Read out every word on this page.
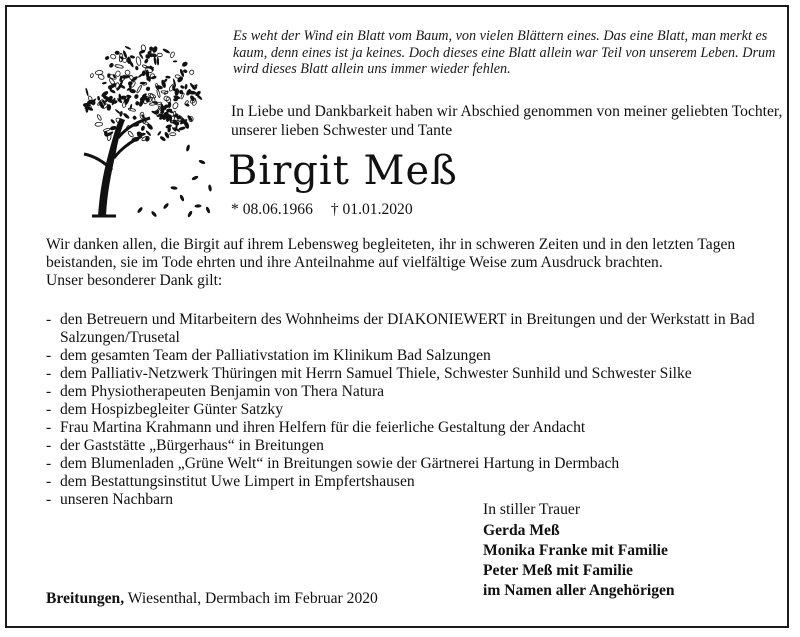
Es weht der Wind ein Blatt vom Baum, von vielen Blättern eines. Das eine Blatt, man merkt es kaum, denn eines ist ja keines. Doch dieses eine Blatt allein war Teil von unserem Leben. Drum wird dieses Blatt allein uns immer wieder fehlen.
In Liebe und Dankbarkeit haben wir Abschied genommen von meiner geliebten Tochter, unserer lieben Schwester und Tante
Birgit Meß
* 08.06.1966 † 01.01.2020
Wir danken allen, die Birgit auf ihrem Lebensweg begleiteten, ihr in schweren Zeiten und in den letzten Tagen beistanden, sie im Tode ehrten und ihre Anteilnahme auf vielfältige Weise zum Ausdruck brachten.
Unser besonderer Dank gilt:
- den Betreuern und Mitarbeitern des Wohnheims der DIAKONIEWERT in Breitungen und der Werkstatt in Bad Salzungen/Trusetal
- dem gesamten Team der Palliativstation im Klinikum Bad Salzungen
- dem Palliativ-Netzwerk Thüringen mit Herrn Samuel Thiele, Schwester Sunhild und Schwester Silke
- dem Physiotherapeuten Benjamin von Thera Natura
- dem Hospizbegleiter Günter Satzky
- Frau Martina Krahmann und ihren Helfern für die feierliche Gestaltung der Andacht
- der Gaststätte „Bürgerhaus“ in Breitungen
- dem Blumenladen „Grüne Welt“ in Breitungen sowie der Gärtnerei Hartung in Dermbach
- dem Bestattungsinstitut Uwe Limpert in Empfertshausen
- unseren Nachbarn
In stiller Trauer
Gerda Meß
Monika Franke mit Familie
Peter Meß mit Familie
im Namen aller Angehörigen
Breitungen, Wiesenthal, Dermbach im Februar 2020
